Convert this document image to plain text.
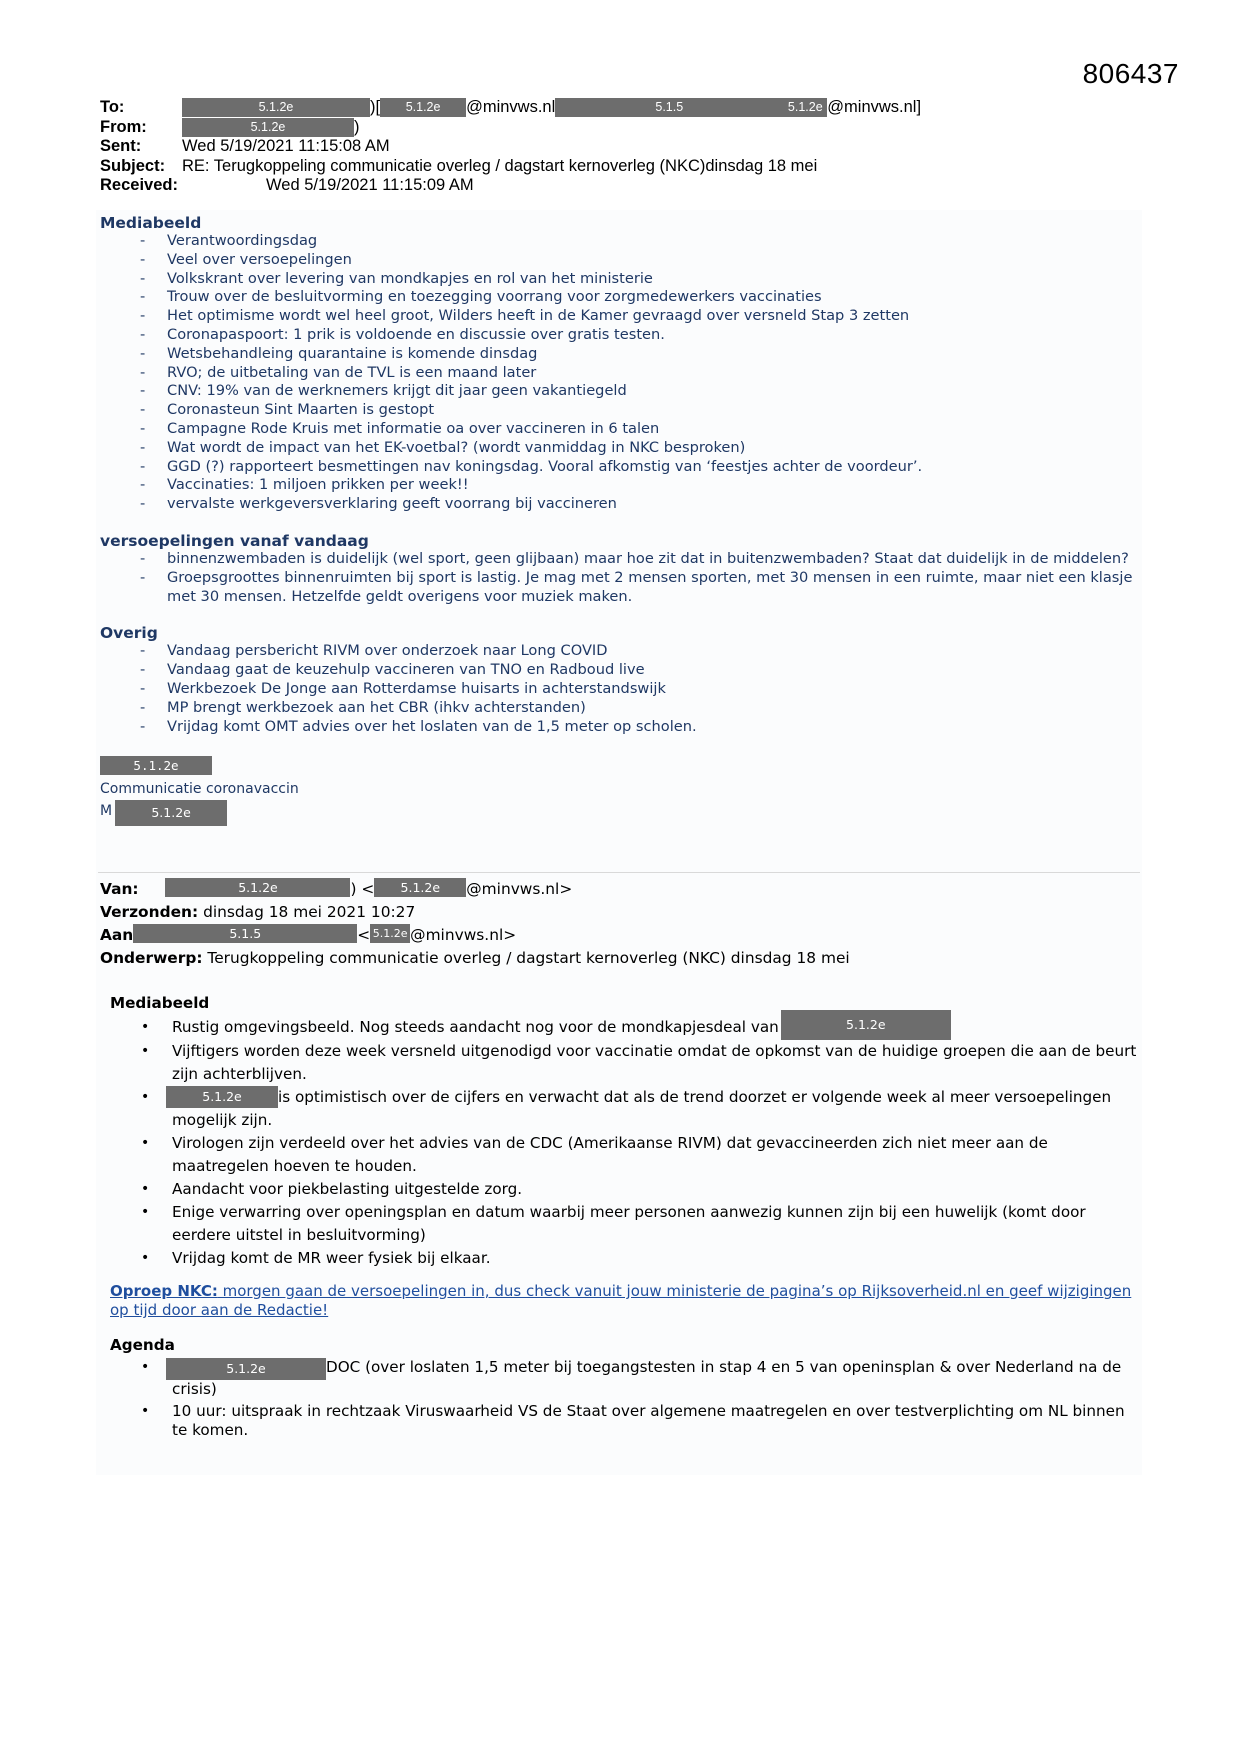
806437
To:	5.1.2e	)[ 5.1.2e @minvws.nl	5.1.5	5.1.2e @minvws.nl]
From:	5.1.2e	)
Sent:	Wed 5/19/2021 11:15:08 AM
Subject:	RE: Terugkoppeling communicatie overleg / dagstart kernoverleg (NKC)dinsdag 18 mei
Received:	Wed 5/19/2021 11:15:09 AM
Mediabeeld
- Verantwoordingsdag
- Veel over versoepelingen
- Volkskrant over levering van mondkapjes en rol van het ministerie
- Trouw over de besluitvorming en toezegging voorrang voor zorgmedewerkers vaccinaties
- Het optimisme wordt wel heel groot, Wilders heeft in de Kamer gevraagd over versneld Stap 3 zetten
- Coronapaspoort: 1 prik is voldoende en discussie over gratis testen.
- Wetsbehandleing quarantaine is komende dinsdag
- RVO; de uitbetaling van de TVL is een maand later
- CNV: 19% van de werknemers krijgt dit jaar geen vakantiegeld
- Coronasteun Sint Maarten is gestopt
- Campagne Rode Kruis met informatie oa over vaccineren in 6 talen
- Wat wordt de impact van het EK-voetbal? (wordt vanmiddag in NKC besproken)
- GGD (?) rapporteert besmettingen nav koningsdag. Vooral afkomstig van ‘feestjes achter de voordeur’.
- Vaccinaties: 1 miljoen prikken per week!!
- vervalste werkgeversverklaring geeft voorrang bij vaccineren
versoepelingen vanaf vandaag
- binnenzwembaden is duidelijk (wel sport, geen glijbaan) maar hoe zit dat in buitenzwembaden? Staat dat duidelijk in de middelen?
- Groepsgroottes binnenruimten bij sport is lastig. Je mag met 2 mensen sporten, met 30 mensen in een ruimte, maar niet een klasje met 30 mensen. Hetzelfde geldt overigens voor muziek maken.
Overig
- Vandaag persbericht RIVM over onderzoek naar Long COVID
- Vandaag gaat de keuzehulp vaccineren van TNO en Radboud live
- Werkbezoek De Jonge aan Rotterdamse huisarts in achterstandswijk
- MP brengt werkbezoek aan het CBR (ihkv achterstanden)
- Vrijdag komt OMT advies over het loslaten van de 1,5 meter op scholen.
5.1.2e
Communicatie coronavaccin
M	5.1.2e
Van:	5.1.2e	) < 5.1.2e @minvws.nl>
Verzonden: dinsdag 18 mei 2021 10:27
Aan	5.1.5	< 5.1.2e @minvws.nl>
Onderwerp: Terugkoppeling communicatie overleg / dagstart kernoverleg (NKC) dinsdag 18 mei
Mediabeeld
• Rustig omgevingsbeeld. Nog steeds aandacht nog voor de mondkapjesdeal van	5.1.2e
• Vijftigers worden deze week versneld uitgenodigd voor vaccinatie omdat de opkomst van de huidige groepen die aan de beurt zijn achterblijven.
• 5.1.2e is optimistisch over de cijfers en verwacht dat als de trend doorzet er volgende week al meer versoepelingen mogelijk zijn.
• Virologen zijn verdeeld over het advies van de CDC (Amerikaanse RIVM) dat gevaccineerden zich niet meer aan de maatregelen hoeven te houden.
• Aandacht voor piekbelasting uitgestelde zorg.
• Enige verwarring over openingsplan en datum waarbij meer personen aanwezig kunnen zijn bij een huwelijk (komt door eerdere uitstel in besluitvorming)
• Vrijdag komt de MR weer fysiek bij elkaar.
Oproep NKC: morgen gaan de versoepelingen in, dus check vanuit jouw ministerie de pagina’s op Rijksoverheid.nl en geef wijzigingen op tijd door aan de Redactie!
Agenda
• 5.1.2e	DOC (over loslaten 1,5 meter bij toegangstesten in stap 4 en 5 van openinsplan & over Nederland na de crisis)
• 10 uur: uitspraak in rechtzaak Viruswaarheid VS de Staat over algemene maatregelen en over testverplichting om NL binnen te komen.
